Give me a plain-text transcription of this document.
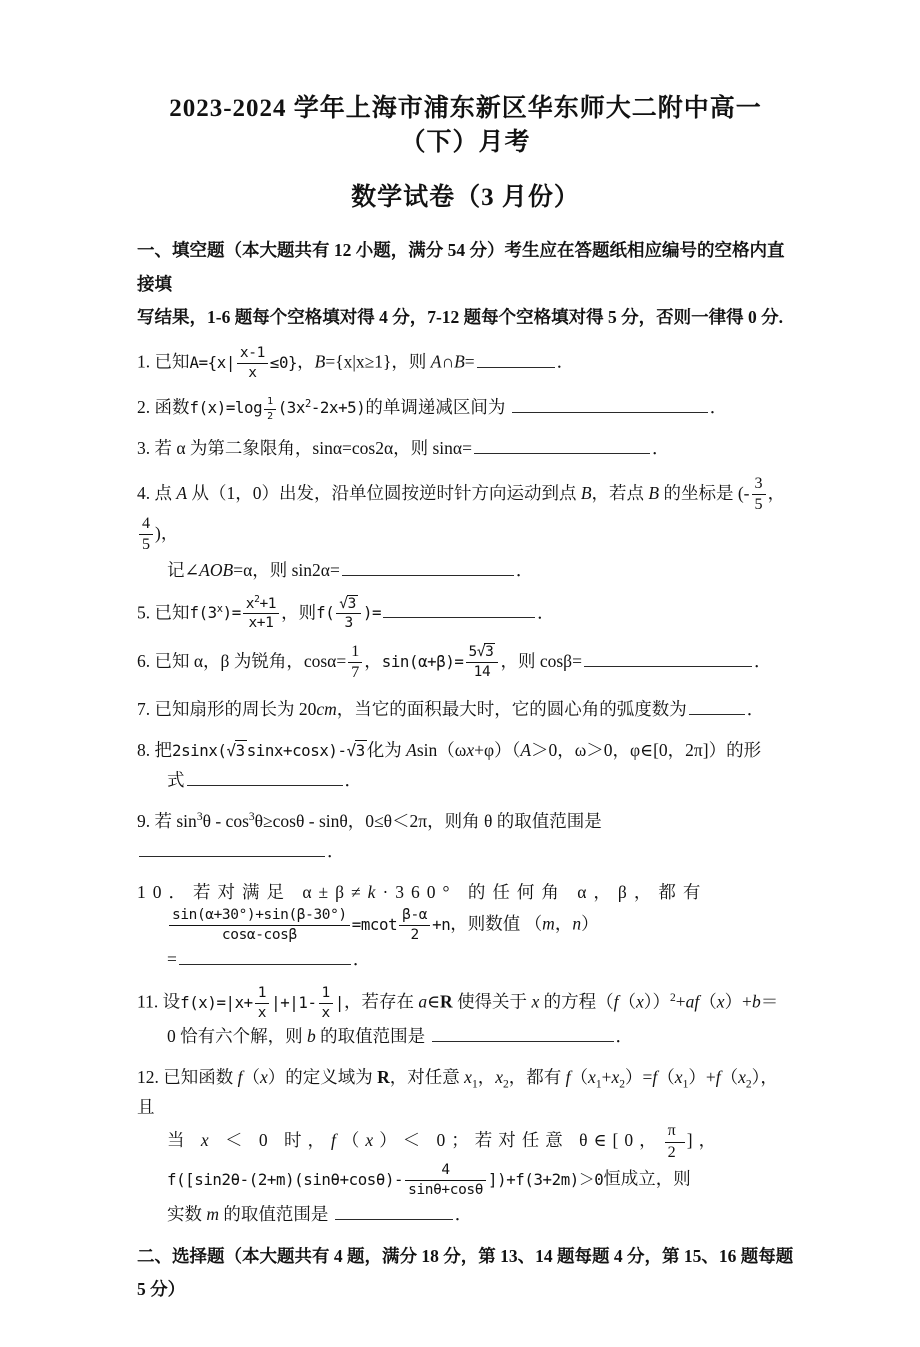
2023-2024 学年上海市浦东新区华东师大二附中高一（下）月考
数学试卷（3 月份）
一、填空题（本大题共有 12 小题，满分 54 分）考生应在答题纸相应编号的空格内直接填
写结果，1-6 题每个空格填对得 4 分，7-12 题每个空格填对得 5 分，否则一律得 0 分.
1. 已知$A=\{x| \frac{x-1}{x} \le 0\}$，B={x|x≥1}，则 A∩B=	．
2. 函数f(x)=log $_{\frac{1}{2}}$ $(3x^2-2x+5)$的单调递减区间为	．
3. 若 α 为第二象限角，sinα=cos2α，则 sinα=	．
4. 点 A 从（1，0）出发，沿单位圆按逆时针方向运动到点 B，若点 B 的坐标是 (- $\frac{3}{5}$ ，
$\frac{4}{5}$ )，
记∠AOB=α，则 sin2α=	．
5. 已知$f(3^x)= \frac{x^2+1}{x+1}$ ，则$f( \frac{√3}{3}$ )=	．
6. 已知 α，β 为锐角，$\cos\alpha= \frac{1}{7}$ ，$\sin(\alpha+\beta)= \frac{5√3}{14}$ ，则 cosβ=	．
7. 已知扇形的周长为 20cm，当它的面积最大时，它的圆心角的弧度数为	．
8. 把2sinx(√3 sinx+cosx)-√3 化为 Asin（ωx+φ）（A＞0，ω＞0，φ∈[0，2π]）的形
式	．
9. 若 $\sin^3\theta - \cos^3\theta\ge\cos\theta - \sin\theta$，0≤θ＜2π，则角 θ 的取值范围是 ．
10．若对满足 α±β≠k·360° 的任何角 α，β，都有
$\frac{\sin(\alpha+30^\circ)+\sin(\beta-30^\circ)}{\cos\alpha-\cos\beta} =mcot \frac{\beta-\alpha}{2} +n$，则数值 （m，n）
=	．
11. 设$f(x)=|x+ \frac{1}{x} |+|1- \frac{1}{x}$ |，若存在 a∈R 使得关于 x 的方程$(f(x))^2+af(x)+b=$
0 恰有六个解，则 b 的取值范围是	．
12. 已知函数 f（x）的定义域为 R，对任意 $x_1$，$x_2$，都有 $f(x_1+x_2)=f(x_1)+f(x_2)$，且
当 x ＜ 0 时，f（x）＜ 0；若对任意 θ∈[0， $\frac{\pi}{2}$ ]，
$f([\sin 2\theta-(2+m)(\sin\theta+\cos\theta)- \frac{4}{\sin\theta+\cos\theta} ])+f(3+2m)>0$恒成立，则
实数 m 的取值范围是	．
二、选择题（本大题共有 4 题，满分 18 分，第 13、14 题每题 4 分，第 15、16 题每题 5 分）
